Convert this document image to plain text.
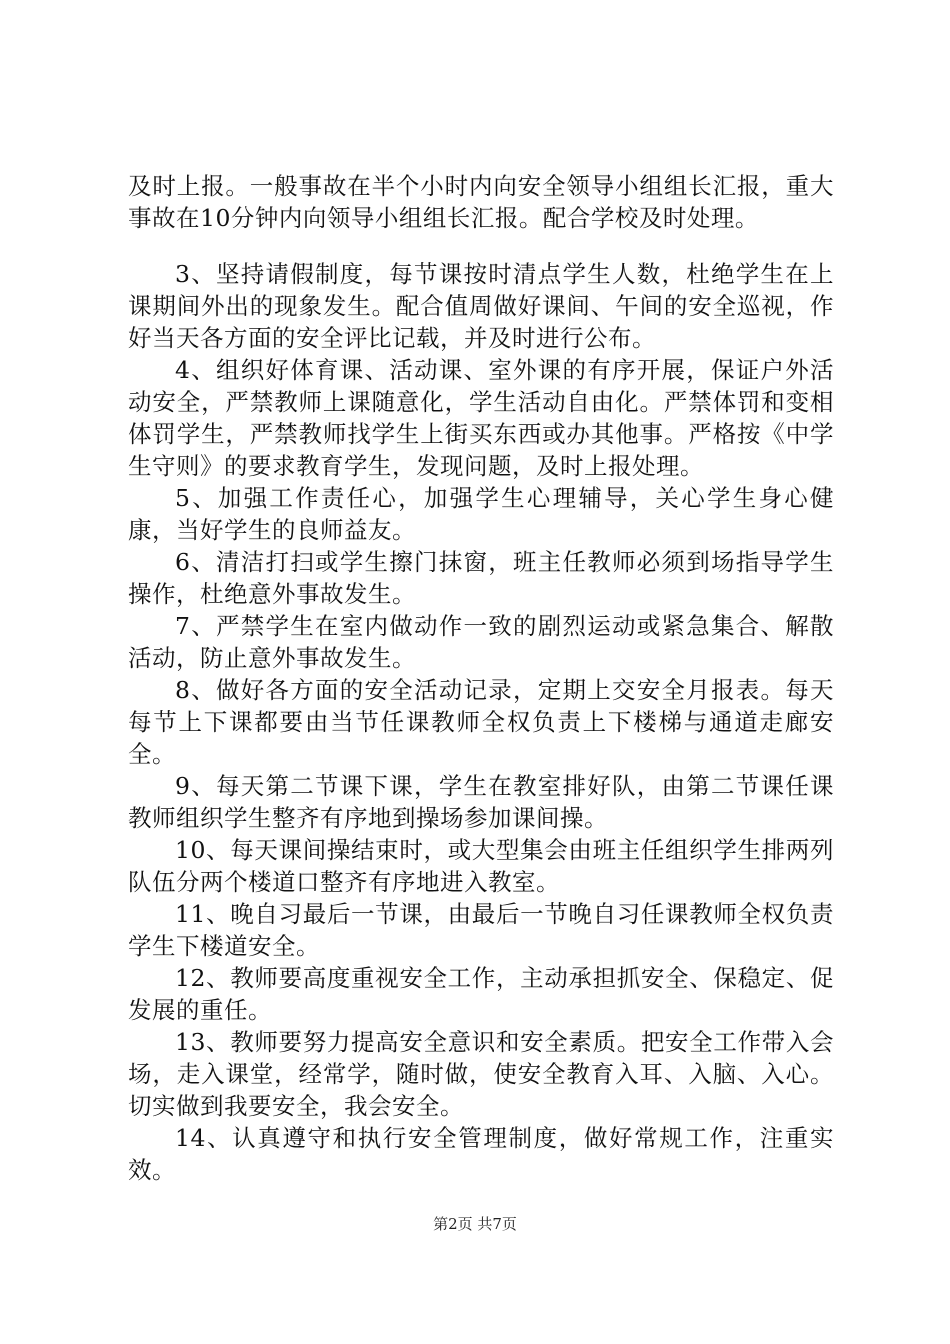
及时上报。一般事故在半个小时内向安全领导小组组长汇报，重大事故在10分钟内向领导小组组长汇报。配合学校及时处理。

3、坚持请假制度，每节课按时清点学生人数，杜绝学生在上课期间外出的现象发生。配合值周做好课间、午间的安全巡视，作好当天各方面的安全评比记载，并及时进行公布。

4、组织好体育课、活动课、室外课的有序开展，保证户外活动安全，严禁教师上课随意化，学生活动自由化。严禁体罚和变相体罚学生，严禁教师找学生上街买东西或办其他事。严格按《中学生守则》的要求教育学生，发现问题，及时上报处理。

5、加强工作责任心，加强学生心理辅导，关心学生身心健康，当好学生的良师益友。

6、清洁打扫或学生擦门抹窗，班主任教师必须到场指导学生操作，杜绝意外事故发生。

7、严禁学生在室内做动作一致的剧烈运动或紧急集合、解散活动，防止意外事故发生。

8、做好各方面的安全活动记录，定期上交安全月报表。每天每节上下课都要由当节任课教师全权负责上下楼梯与通道走廊安全。

9、每天第二节课下课，学生在教室排好队，由第二节课任课教师组织学生整齐有序地到操场参加课间操。

10、每天课间操结束时，或大型集会由班主任组织学生排两列队伍分两个楼道口整齐有序地进入教室。

11、晚自习最后一节课，由最后一节晚自习任课教师全权负责学生下楼道安全。

12、教师要高度重视安全工作，主动承担抓安全、保稳定、促发展的重任。

13、教师要努力提高安全意识和安全素质。把安全工作带入会场，走入课堂，经常学，随时做，使安全教育入耳、入脑、入心。切实做到我要安全，我会安全。

14、认真遵守和执行安全管理制度，做好常规工作，注重实效。

第2页 共7页
